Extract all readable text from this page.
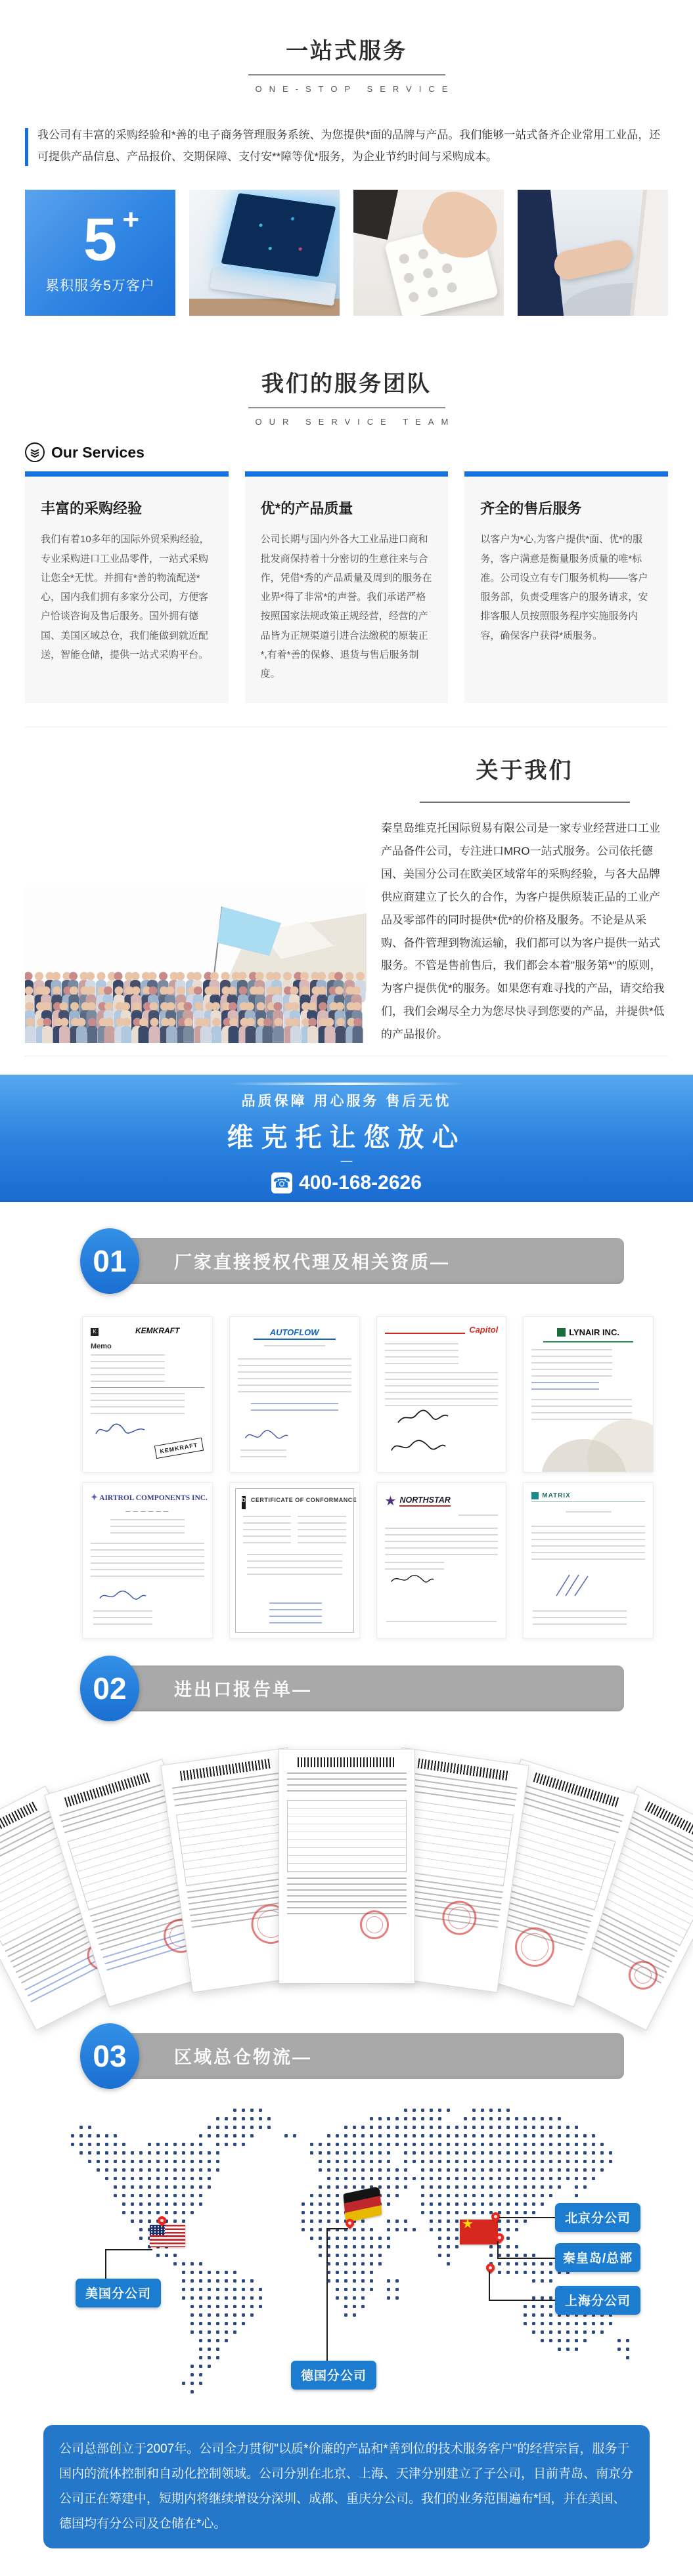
一站式服务
ONE-STOP SERVICE
我公司有丰富的采购经验和*善的电子商务管理服务系统、为您提供*面的品牌与产品。我们能够一站式备齐企业常用工业品，还可提供产品信息、产品报价、交期保障、支付安**障等优*服务，为企业节约时间与采购成本。
5 +
累积服务5万客户
我们的服务团队
OUR SERVICE TEAM
Our Services
丰富的采购经验

我们有着10多年的国际外贸采购经验，专业采购进口工业品零件，一站式采购让您全*无忧。并拥有*善的物流配送*心，国内我们拥有多家分公司，方便客户恰谈咨询及售后服务。国外拥有德国、美国区域总仓，我们能做到就近配送，智能仓储，提供一站式采购平台。

优*的产品质量

公司长期与国内外各大工业品进口商和批发商保持着十分密切的生意往来与合作，凭借*秀的产品质量及周到的服务在业界*得了非常*的声誉。我们承诺严格按照国家法规政策正规经营，经营的产品皆为正规渠道引进合法缴税的原装正*,有着*善的保修、退货与售后服务制度。

齐全的售后服务

以客户为*心,为客户提供*面、优*的服务，客户满意是衡量服务质量的唯*标准。公司设立有专门服务机构——客户服务部，负责受理客户的服务请求，安排客服人员按照服务程序实施服务内容，确保客户获得*质服务。

关于我们
秦皇岛维克托国际贸易有限公司是一家专业经营进口工业产品备件公司，专注进口MRO一站式服务。公司依托德国、美国分公司在欧美区域常年的采购经验，与各大品牌供应商建立了长久的合作，为客户提供原装正品的工业产品及零部件的同时提供*优*的价格及服务。不论是从采购、备件管理到物流运输，我们都可以为客户提供一站式服务。不管是售前售后，我们都会本着"服务第*"的原则，为客户提供优*的服务。如果您有难寻找的产品，请交给我们，我们会竭尽全力为您尽快寻到您要的产品，并提供*低的产品报价。
品质保障 用心服务 售后无忧
维克托让您放心
—
☎ 400-168-2626
厂家直接授权代理及相关资质—
01
K	KEMKRAFT
Memo
KEMKRAFT
AUTOFLOW	Capitol	LYNAIR INC.
✦ AIRTROL COMPONENTS INC.
— — — — — —
b CERTIFICATE OF CONFORMANCE ★ NORTHSTAR	MATRIX
进出口报告单—
02
区域总仓物流—
03
★	北京分公司
秦皇岛/总部
上海分公司
美国分公司
德国分公司
公司总部创立于2007年。公司全力贯彻"以质*价廉的产品和*善到位的技术服务客户"的经营宗旨，服务于国内的流体控制和自动化控制领域。公司分别在北京、上海、天津分别建立了子公司，目前青岛、南京分公司正在筹建中，短期内将继续增设分深圳、成都、重庆分公司。我们的业务范围遍布*国，并在美国、德国均有分公司及仓储在*心。
